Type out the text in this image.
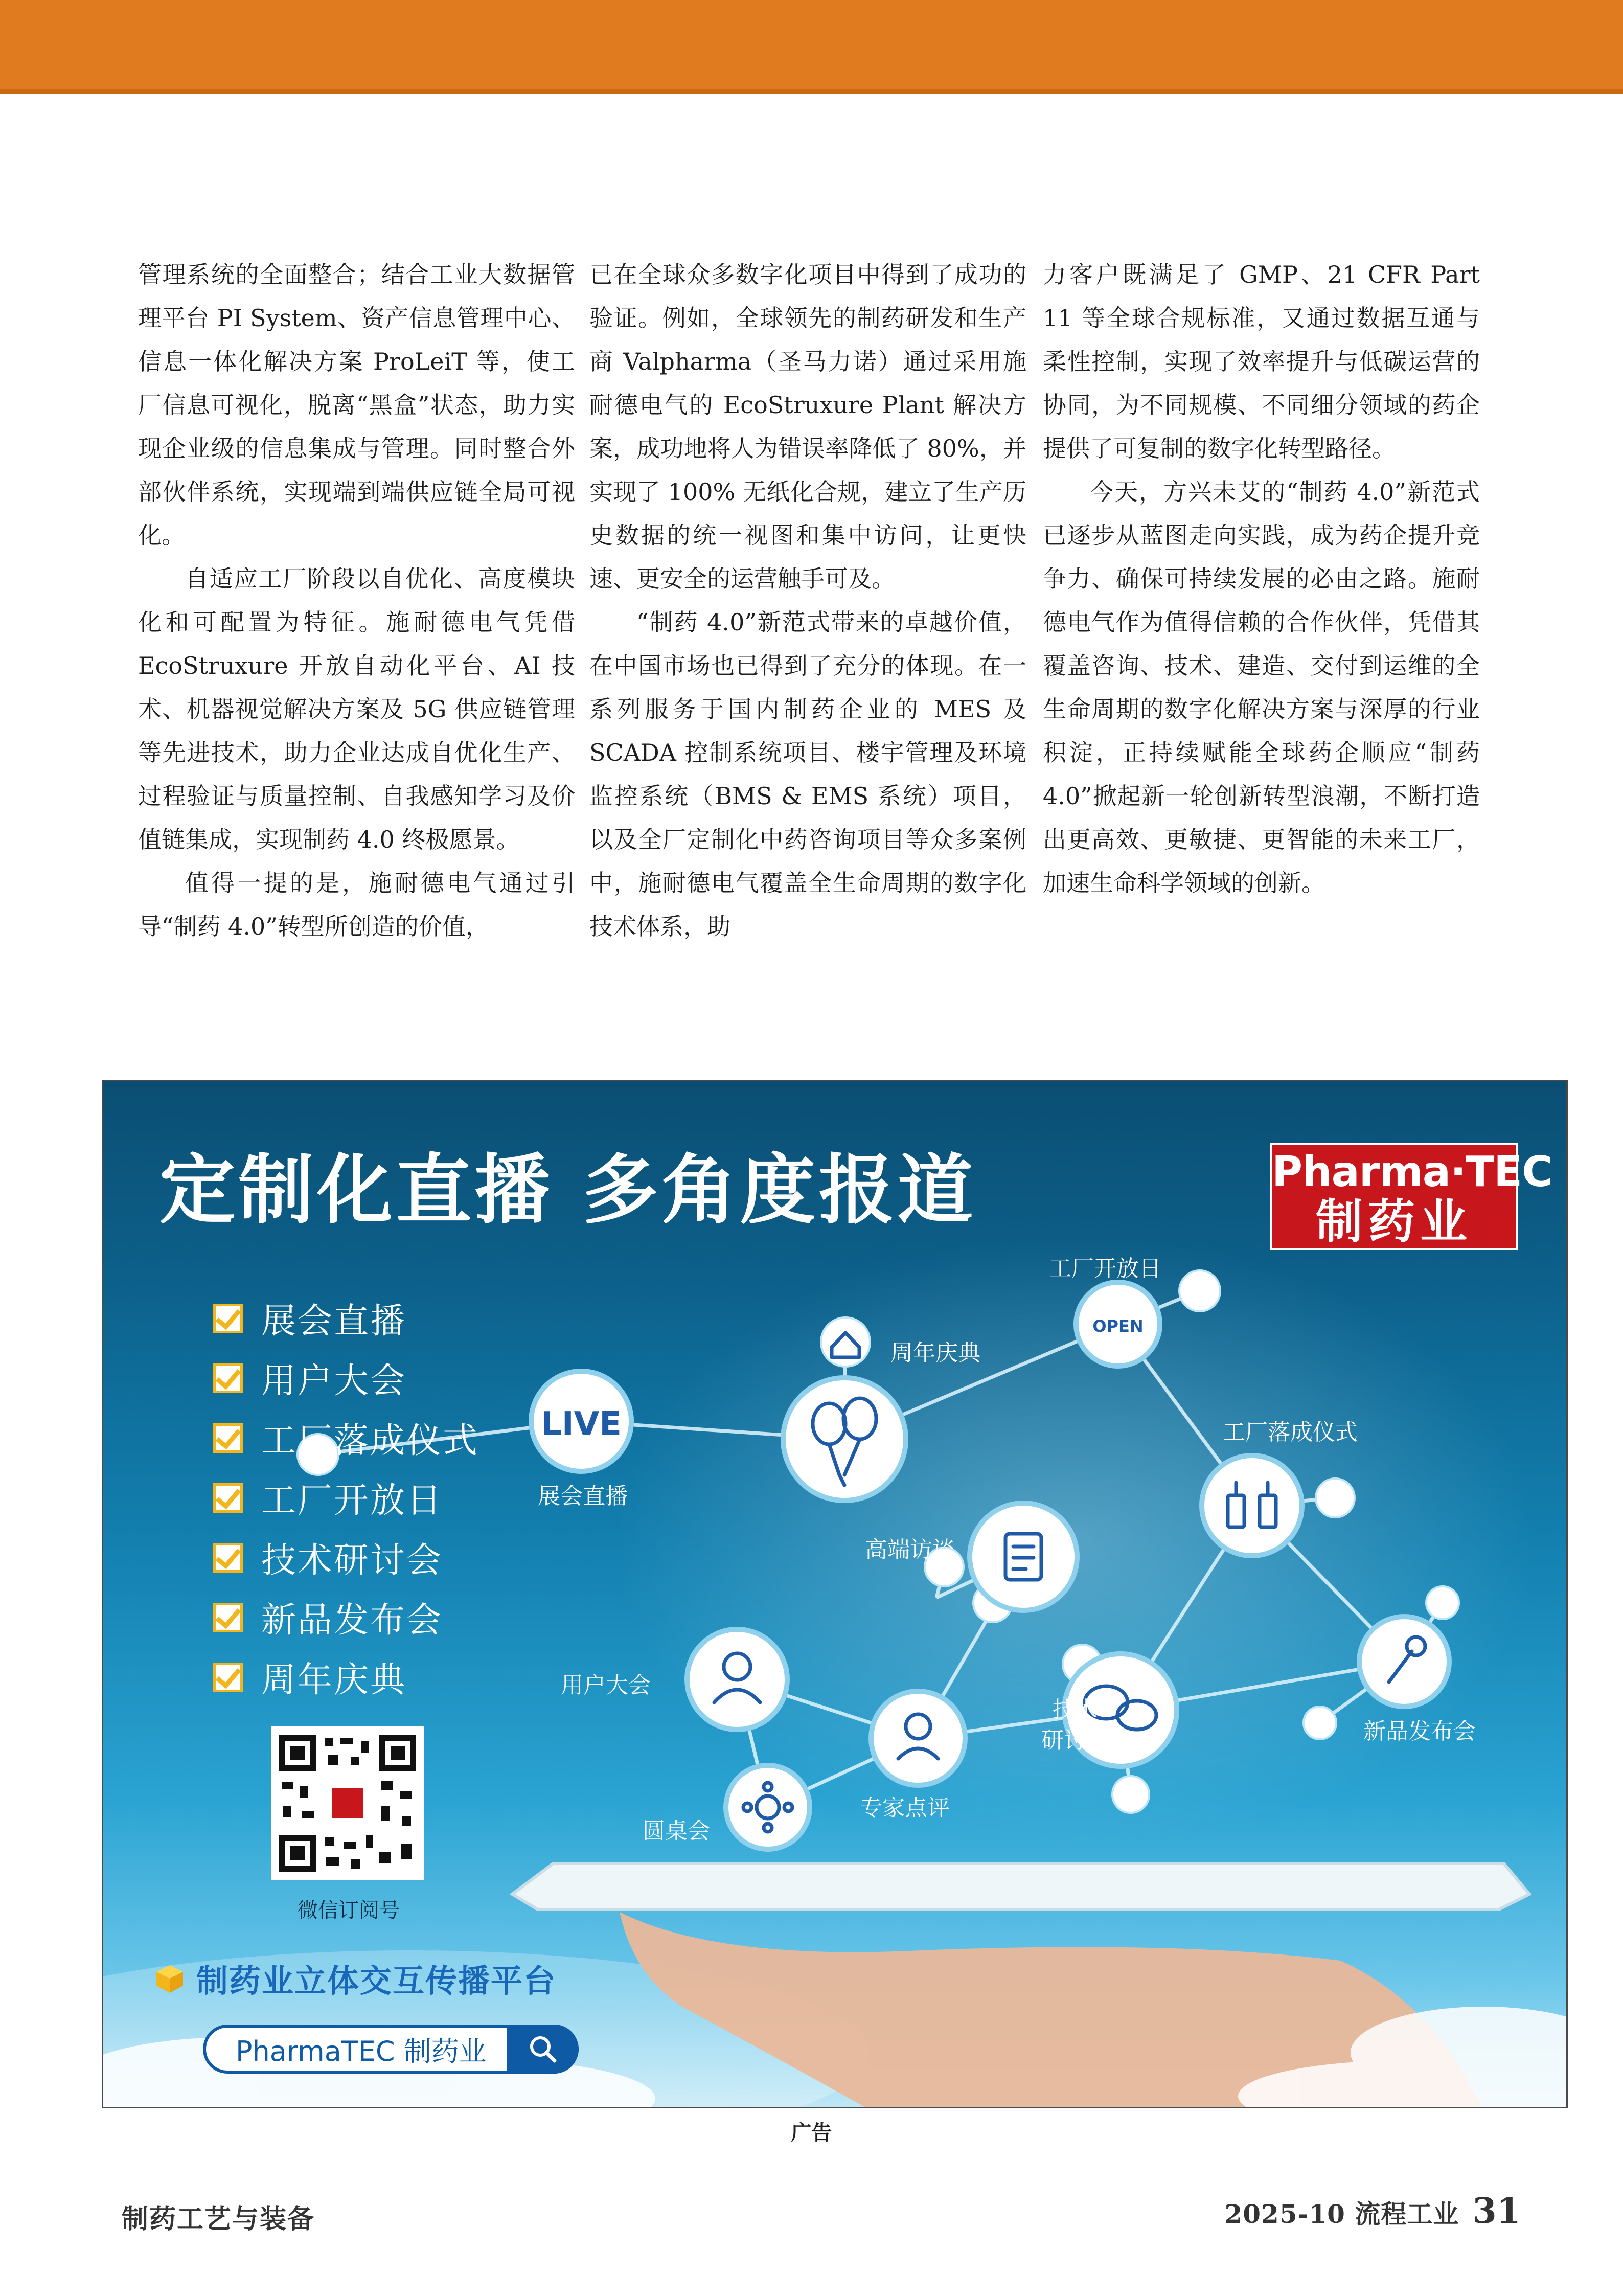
管理系统的全面整合；结合工业大数据管理平台 PI System、资产信息管理中心、信息一体化解决方案 ProLeiT 等，使工厂信息可视化，脱离“黑盒”状态，助力实现企业级的信息集成与管理。同时整合外部伙伴系统，实现端到端供应链全局可视化。

自适应工厂阶段以自优化、高度模块化和可配置为特征。施耐德电气凭借 EcoStruxure 开放自动化平台、AI 技术、机器视觉解决方案及 5G 供应链管理等先进技术，助力企业达成自优化生产、过程验证与质量控制、自我感知学习及价值链集成，实现制药 4.0 终极愿景。

值得一提的是，施耐德电气通过引导“制药 4.0”转型所创造的价值，

已在全球众多数字化项目中得到了成功的验证。例如，全球领先的制药研发和生产商 Valpharma（圣马力诺）通过采用施耐德电气的 EcoStruxure Plant 解决方案，成功地将人为错误率降低了 80%，并实现了 100% 无纸化合规，建立了生产历史数据的统一视图和集中访问，让更快速、更安全的运营触手可及。

“制药 4.0”新范式带来的卓越价值，在中国市场也已得到了充分的体现。在一系列服务于国内制药企业的 MES 及 SCADA 控制系统项目、楼宇管理及环境监控系统（BMS & EMS 系统）项目，以及全厂定制化中药咨询项目等众多案例中，施耐德电气覆盖全生命周期的数字化技术体系，助

力客户既满足了 GMP、21 CFR Part 11 等全球合规标准，又通过数据互通与柔性控制，实现了效率提升与低碳运营的协同，为不同规模、不同细分领域的药企提供了可复制的数字化转型路径。

今天，方兴未艾的“制药 4.0”新范式已逐步从蓝图走向实践，成为药企提升竞争力、确保可持续发展的必由之路。施耐德电气作为值得信赖的合作伙伴，凭借其覆盖咨询、技术、建造、交付到运维的全生命周期的数字化解决方案与深厚的行业积淀，正持续赋能全球药企顺应“制药 4.0”掀起新一轮创新转型浪潮，不断打造出更高效、更敏捷、更智能的未来工厂，加速生命科学领域的创新。

LIVE
OPEN
定制化直播 多角度报道	Pharma·TEC
制药业
展会直播
用户大会
工厂落成仪式
工厂开放日
技术研讨会
新品发布会
周年庆典
工厂开放日
周年庆典
工厂落成仪式
展会直播
高端访谈
用户大会
技术
研讨会	新品发布会
专家点评
圆桌会
微信订阅号
制药业立体交互传播平台
PharmaTEC 制药业
广告
制药工艺与装备	2025-10 流程工业 31
